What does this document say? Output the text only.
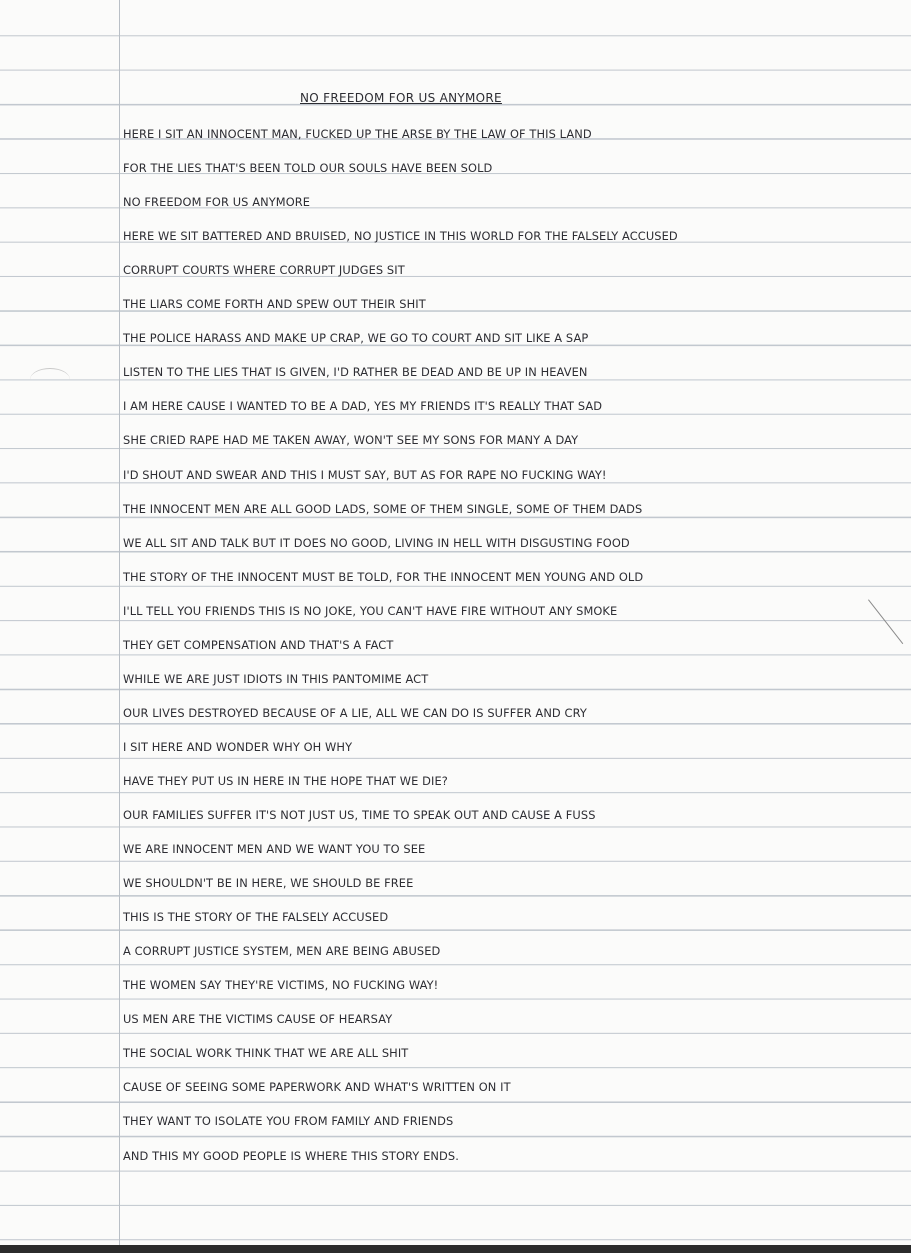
NO FREEDOM FOR US ANYMORE
HERE I SIT AN INNOCENT MAN, FUCKED UP THE ARSE BY THE LAW OF THIS LAND
FOR THE LIES THAT'S BEEN TOLD OUR SOULS HAVE BEEN SOLD
NO FREEDOM FOR US ANYMORE
HERE WE SIT BATTERED AND BRUISED, NO JUSTICE IN THIS WORLD FOR THE FALSELY ACCUSED
CORRUPT COURTS WHERE CORRUPT JUDGES SIT
THE LIARS COME FORTH AND SPEW OUT THEIR SHIT
THE POLICE HARASS AND MAKE UP CRAP, WE GO TO COURT AND SIT LIKE A SAP
LISTEN TO THE LIES THAT IS GIVEN, I'D RATHER BE DEAD AND BE UP IN HEAVEN
I AM HERE CAUSE I WANTED TO BE A DAD, YES MY FRIENDS IT'S REALLY THAT SAD
SHE CRIED RAPE HAD ME TAKEN AWAY, WON'T SEE MY SONS FOR MANY A DAY
I'D SHOUT AND SWEAR AND THIS I MUST SAY, BUT AS FOR RAPE NO FUCKING WAY!
THE INNOCENT MEN ARE ALL GOOD LADS, SOME OF THEM SINGLE, SOME OF THEM DADS
WE ALL SIT AND TALK BUT IT DOES NO GOOD, LIVING IN HELL WITH DISGUSTING FOOD
THE STORY OF THE INNOCENT MUST BE TOLD, FOR THE INNOCENT MEN YOUNG AND OLD
I'LL TELL YOU FRIENDS THIS IS NO JOKE, YOU CAN'T HAVE FIRE WITHOUT ANY SMOKE
THEY GET COMPENSATION AND THAT'S A FACT
WHILE WE ARE JUST IDIOTS IN THIS PANTOMIME ACT
OUR LIVES DESTROYED BECAUSE OF A LIE, ALL WE CAN DO IS SUFFER AND CRY
I SIT HERE AND WONDER WHY OH WHY
HAVE THEY PUT US IN HERE IN THE HOPE THAT WE DIE?
OUR FAMILIES SUFFER IT'S NOT JUST US, TIME TO SPEAK OUT AND CAUSE A FUSS
WE ARE INNOCENT MEN AND WE WANT YOU TO SEE
WE SHOULDN'T BE IN HERE, WE SHOULD BE FREE
THIS IS THE STORY OF THE FALSELY ACCUSED
A CORRUPT JUSTICE SYSTEM, MEN ARE BEING ABUSED
THE WOMEN SAY THEY'RE VICTIMS, NO FUCKING WAY!
US MEN ARE THE VICTIMS CAUSE OF HEARSAY
THE SOCIAL WORK THINK THAT WE ARE ALL SHIT
CAUSE OF SEEING SOME PAPERWORK AND WHAT'S WRITTEN ON IT
THEY WANT TO ISOLATE YOU FROM FAMILY AND FRIENDS
AND THIS MY GOOD PEOPLE IS WHERE THIS STORY ENDS.
